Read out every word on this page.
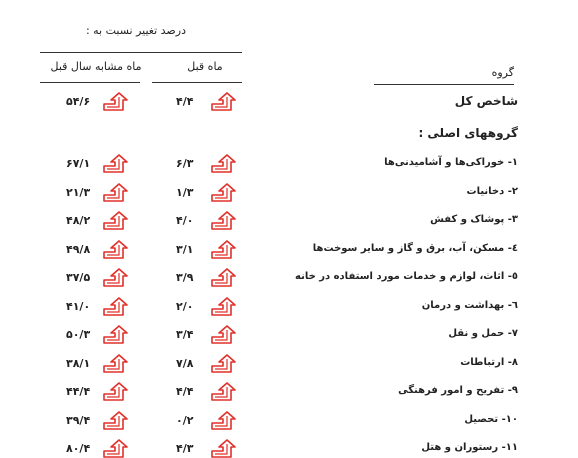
درصد تغییر نسبت به :
ماه قبل
ماه مشابه سال قبل	گروه
شاخص کل
۴/۴
۵۴/۶
گروههای اصلی :
۱- خوراکی‌ها و آشامیدنی‌ها
۶/۳
۶۷/۱
۲- دخانیات
۱/۳
۲۱/۳
۳- پوشاک و کفش
۴/۰
۴۸/۲
٤- مسکن، آب، برق و گاز و سایر سوخت‌ها
۳/۱
۴۹/۸
٥- اثاث، لوازم و خدمات مورد استفاده در خانه
۳/۹
۳۷/۵
٦- بهداشت و درمان
۲/۰
۴۱/۰
۷- حمل و نقل
۳/۴
۵۰/۳
۸- ارتباطات
۷/۸
۳۸/۱
۹- تفریح و امور فرهنگی
۴/۴
۴۴/۴
۱۰- تحصیل
۰/۲
۳۹/۴
۱۱- رستوران و هتل
۴/۳
۸۰/۴
